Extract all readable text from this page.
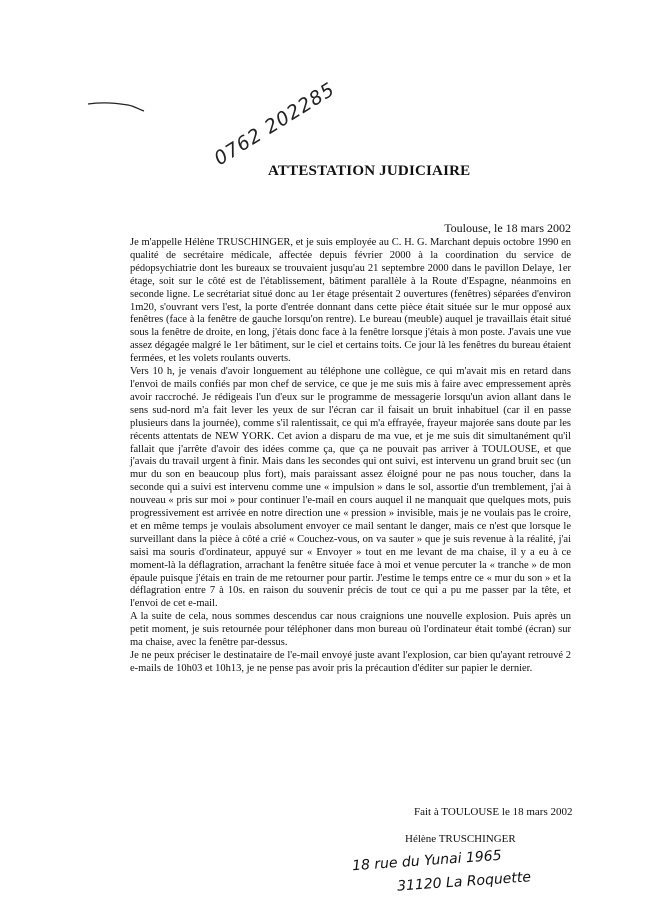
0762 202285
ATTESTATION JUDICIAIRE
Toulouse, le 18 mars 2002

Je m'appelle Hélène TRUSCHINGER, et je suis employée au C. H. G. Marchant depuis octobre 1990 en qualité de secrétaire médicale, affectée depuis février 2000 à la coordination du service de pédopsychiatrie dont les bureaux se trouvaient jusqu'au 21 septembre 2000 dans le pavillon Delaye, 1er étage, soit sur le côté est de l'établissement, bâtiment parallèle à la Route d'Espagne, néanmoins en seconde ligne. Le secrétariat situé donc au 1er étage présentait 2 ouvertures (fenêtres) séparées d'environ 1m20, s'ouvrant vers l'est, la porte d'entrée donnant dans cette pièce était située sur le mur opposé aux fenêtres (face à la fenêtre de gauche lorsqu'on rentre). Le bureau (meuble) auquel je travaillais était situé sous la fenêtre de droite, en long, j'étais donc face à la fenêtre lorsque j'étais à mon poste. J'avais une vue assez dégagée malgré le 1er bâtiment, sur le ciel et certains toits. Ce jour là les fenêtres du bureau étaient fermées, et les volets roulants ouverts.

Vers 10 h, je venais d'avoir longuement au téléphone une collègue, ce qui m'avait mis en retard dans l'envoi de mails confiés par mon chef de service, ce que je me suis mis à faire avec empressement après avoir raccroché. Je rédigeais l'un d'eux sur le programme de messagerie lorsqu'un avion allant dans le sens sud-nord m'a fait lever les yeux de sur l'écran car il faisait un bruit inhabituel (car il en passe plusieurs dans la journée), comme s'il ralentissait, ce qui m'a effrayée, frayeur majorée sans doute par les récents attentats de NEW YORK. Cet avion a disparu de ma vue, et je me suis dit simultanément qu'il fallait que j'arrête d'avoir des idées comme ça, que ça ne pouvait pas arriver à TOULOUSE, et que j'avais du travail urgent à finir. Mais dans les secondes qui ont suivi, est intervenu un grand bruit sec (un mur du son en beaucoup plus fort), mais paraissant assez éloigné pour ne pas nous toucher, dans la seconde qui a suivi est intervenu comme une « impulsion » dans le sol, assortie d'un tremblement, j'ai à nouveau « pris sur moi » pour continuer l'e-mail en cours auquel il ne manquait que quelques mots, puis progressivement est arrivée en notre direction une « pression » invisible, mais je ne voulais pas le croire, et en même temps je voulais absolument envoyer ce mail sentant le danger, mais ce n'est que lorsque le surveillant dans la pièce à côté a crié « Couchez-vous, on va sauter » que je suis revenue à la réalité, j'ai saisi ma souris d'ordinateur, appuyé sur « Envoyer » tout en me levant de ma chaise, il y a eu à ce moment-là la déflagration, arrachant la fenêtre située face à moi et venue percuter la « tranche » de mon épaule puisque j'étais en train de me retourner pour partir. J'estime le temps entre ce « mur du son » et la déflagration entre 7 à 10s. en raison du souvenir précis de tout ce qui a pu me passer par la tête, et l'envoi de cet e-mail.

A la suite de cela, nous sommes descendus car nous craignions une nouvelle explosion. Puis après un petit moment, je suis retournée pour téléphoner dans mon bureau où l'ordinateur était tombé (écran) sur ma chaise, avec la fenêtre par-dessus.

Je ne peux préciser le destinataire de l'e-mail envoyé juste avant l'explosion, car bien qu'ayant retrouvé 2 e-mails de 10h03 et 10h13, je ne pense pas avoir pris la précaution d'éditer sur papier le dernier.

Fait à TOULOUSE le 18 mars 2002
Hélène TRUSCHINGER
18 rue du Yunai 1965
31120 La Roquette
